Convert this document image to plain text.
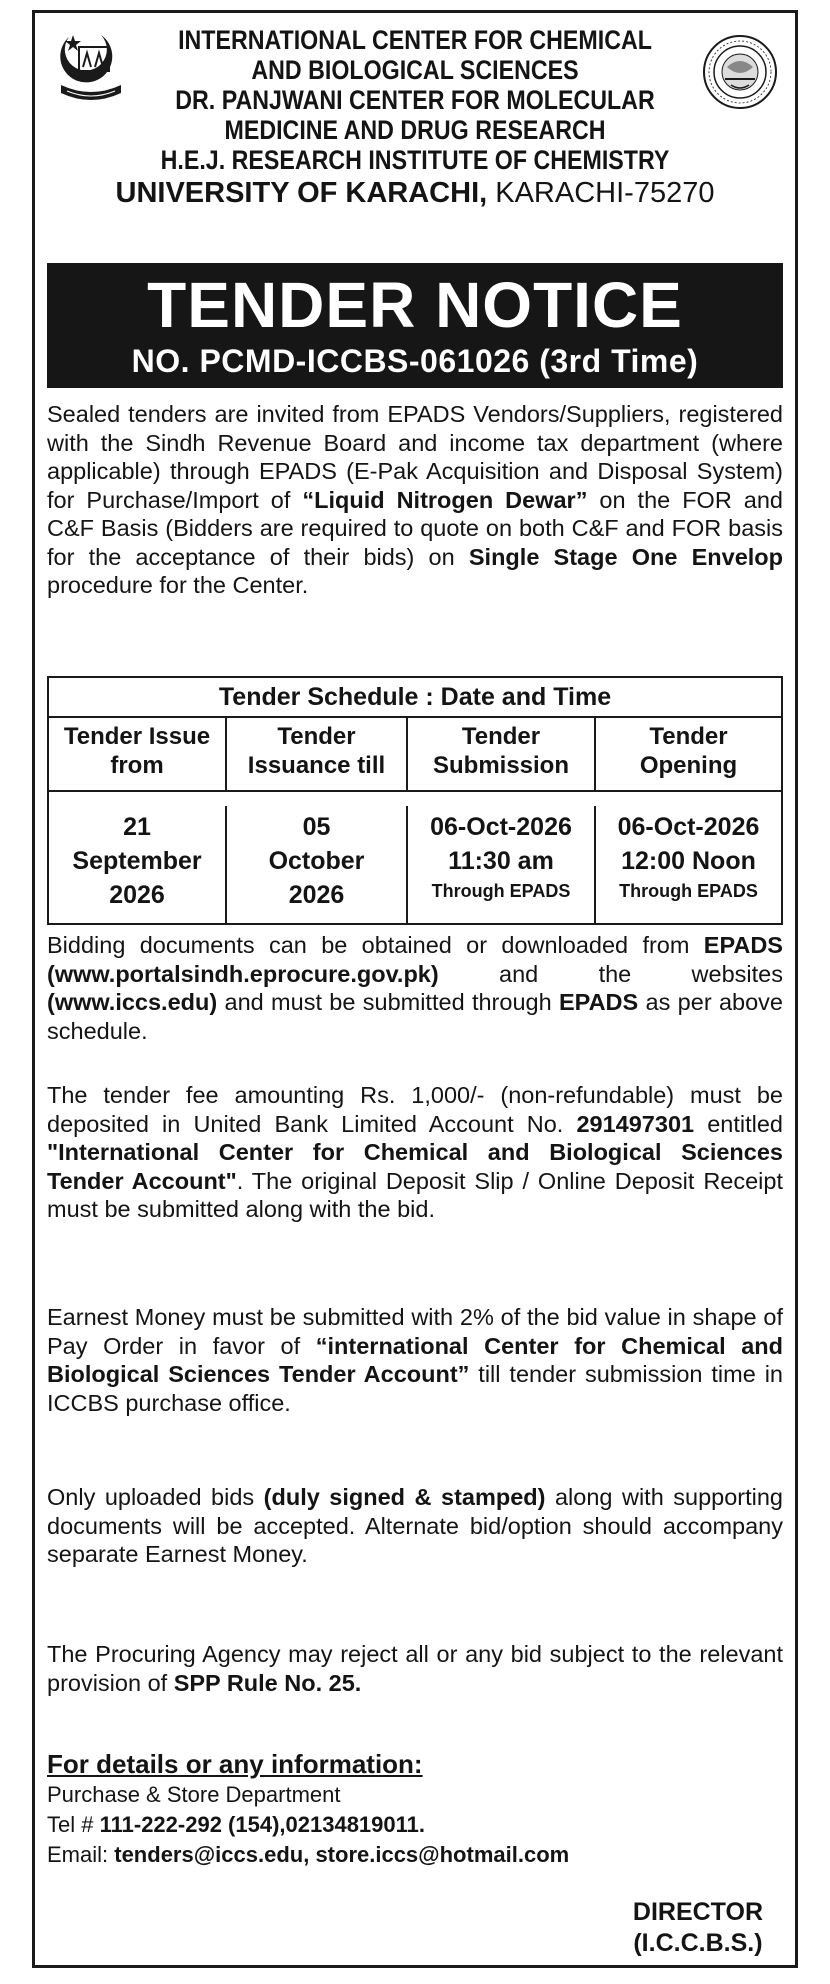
INTERNATIONAL CENTER FOR CHEMICAL
AND BIOLOGICAL SCIENCES
DR. PANJWANI CENTER FOR MOLECULAR
MEDICINE AND DRUG RESEARCH
H.E.J. RESEARCH INSTITUTE OF CHEMISTRY
UNIVERSITY OF KARACHI, KARACHI-75270
TENDER NOTICE
NO. PCMD-ICCBS-061026 (3rd Time)
Sealed tenders are invited from EPADS Vendors/Suppliers, registered with the Sindh Revenue Board and income tax department (where applicable) through EPADS (E-Pak Acquisition and Disposal System) for Purchase/Import of “Liquid Nitrogen Dewar” on the FOR and C&F Basis (Bidders are required to quote on both C&F and FOR basis for the acceptance of their bids) on Single Stage One Envelop procedure for the Center.
Tender Schedule : Date and Time
Tender Issue
from
Tender
Issuance till
Tender
Submission
Tender
Opening
21
September
2026
05
October
2026
06-Oct-2026
11:30 am
Through EPADS
06-Oct-2026
12:00 Noon
Through EPADS
Bidding documents can be obtained or downloaded from EPADS (www.portalsindh.eprocure.gov.pk) and the websites (www.iccs.edu) and must be submitted through EPADS as per above schedule.
The tender fee amounting Rs. 1,000/- (non-refundable) must be deposited in United Bank Limited Account No. 291497301 entitled "International Center for Chemical and Biological Sciences Tender Account". The original Deposit Slip / Online Deposit Receipt must be submitted along with the bid.
Earnest Money must be submitted with 2% of the bid value in shape of Pay Order in favor of “international Center for Chemical and Biological Sciences Tender Account” till tender submission time in ICCBS purchase office.
Only uploaded bids (duly signed & stamped) along with supporting documents will be accepted. Alternate bid/option should accompany separate Earnest Money.
The Procuring Agency may reject all or any bid subject to the relevant provision of SPP Rule No. 25.
For details or any information:
Purchase & Store Department
Tel # 111-222-292 (154),02134819011.
Email: tenders@iccs.edu, store.iccs@hotmail.com
DIRECTOR
(I.C.C.B.S.)
